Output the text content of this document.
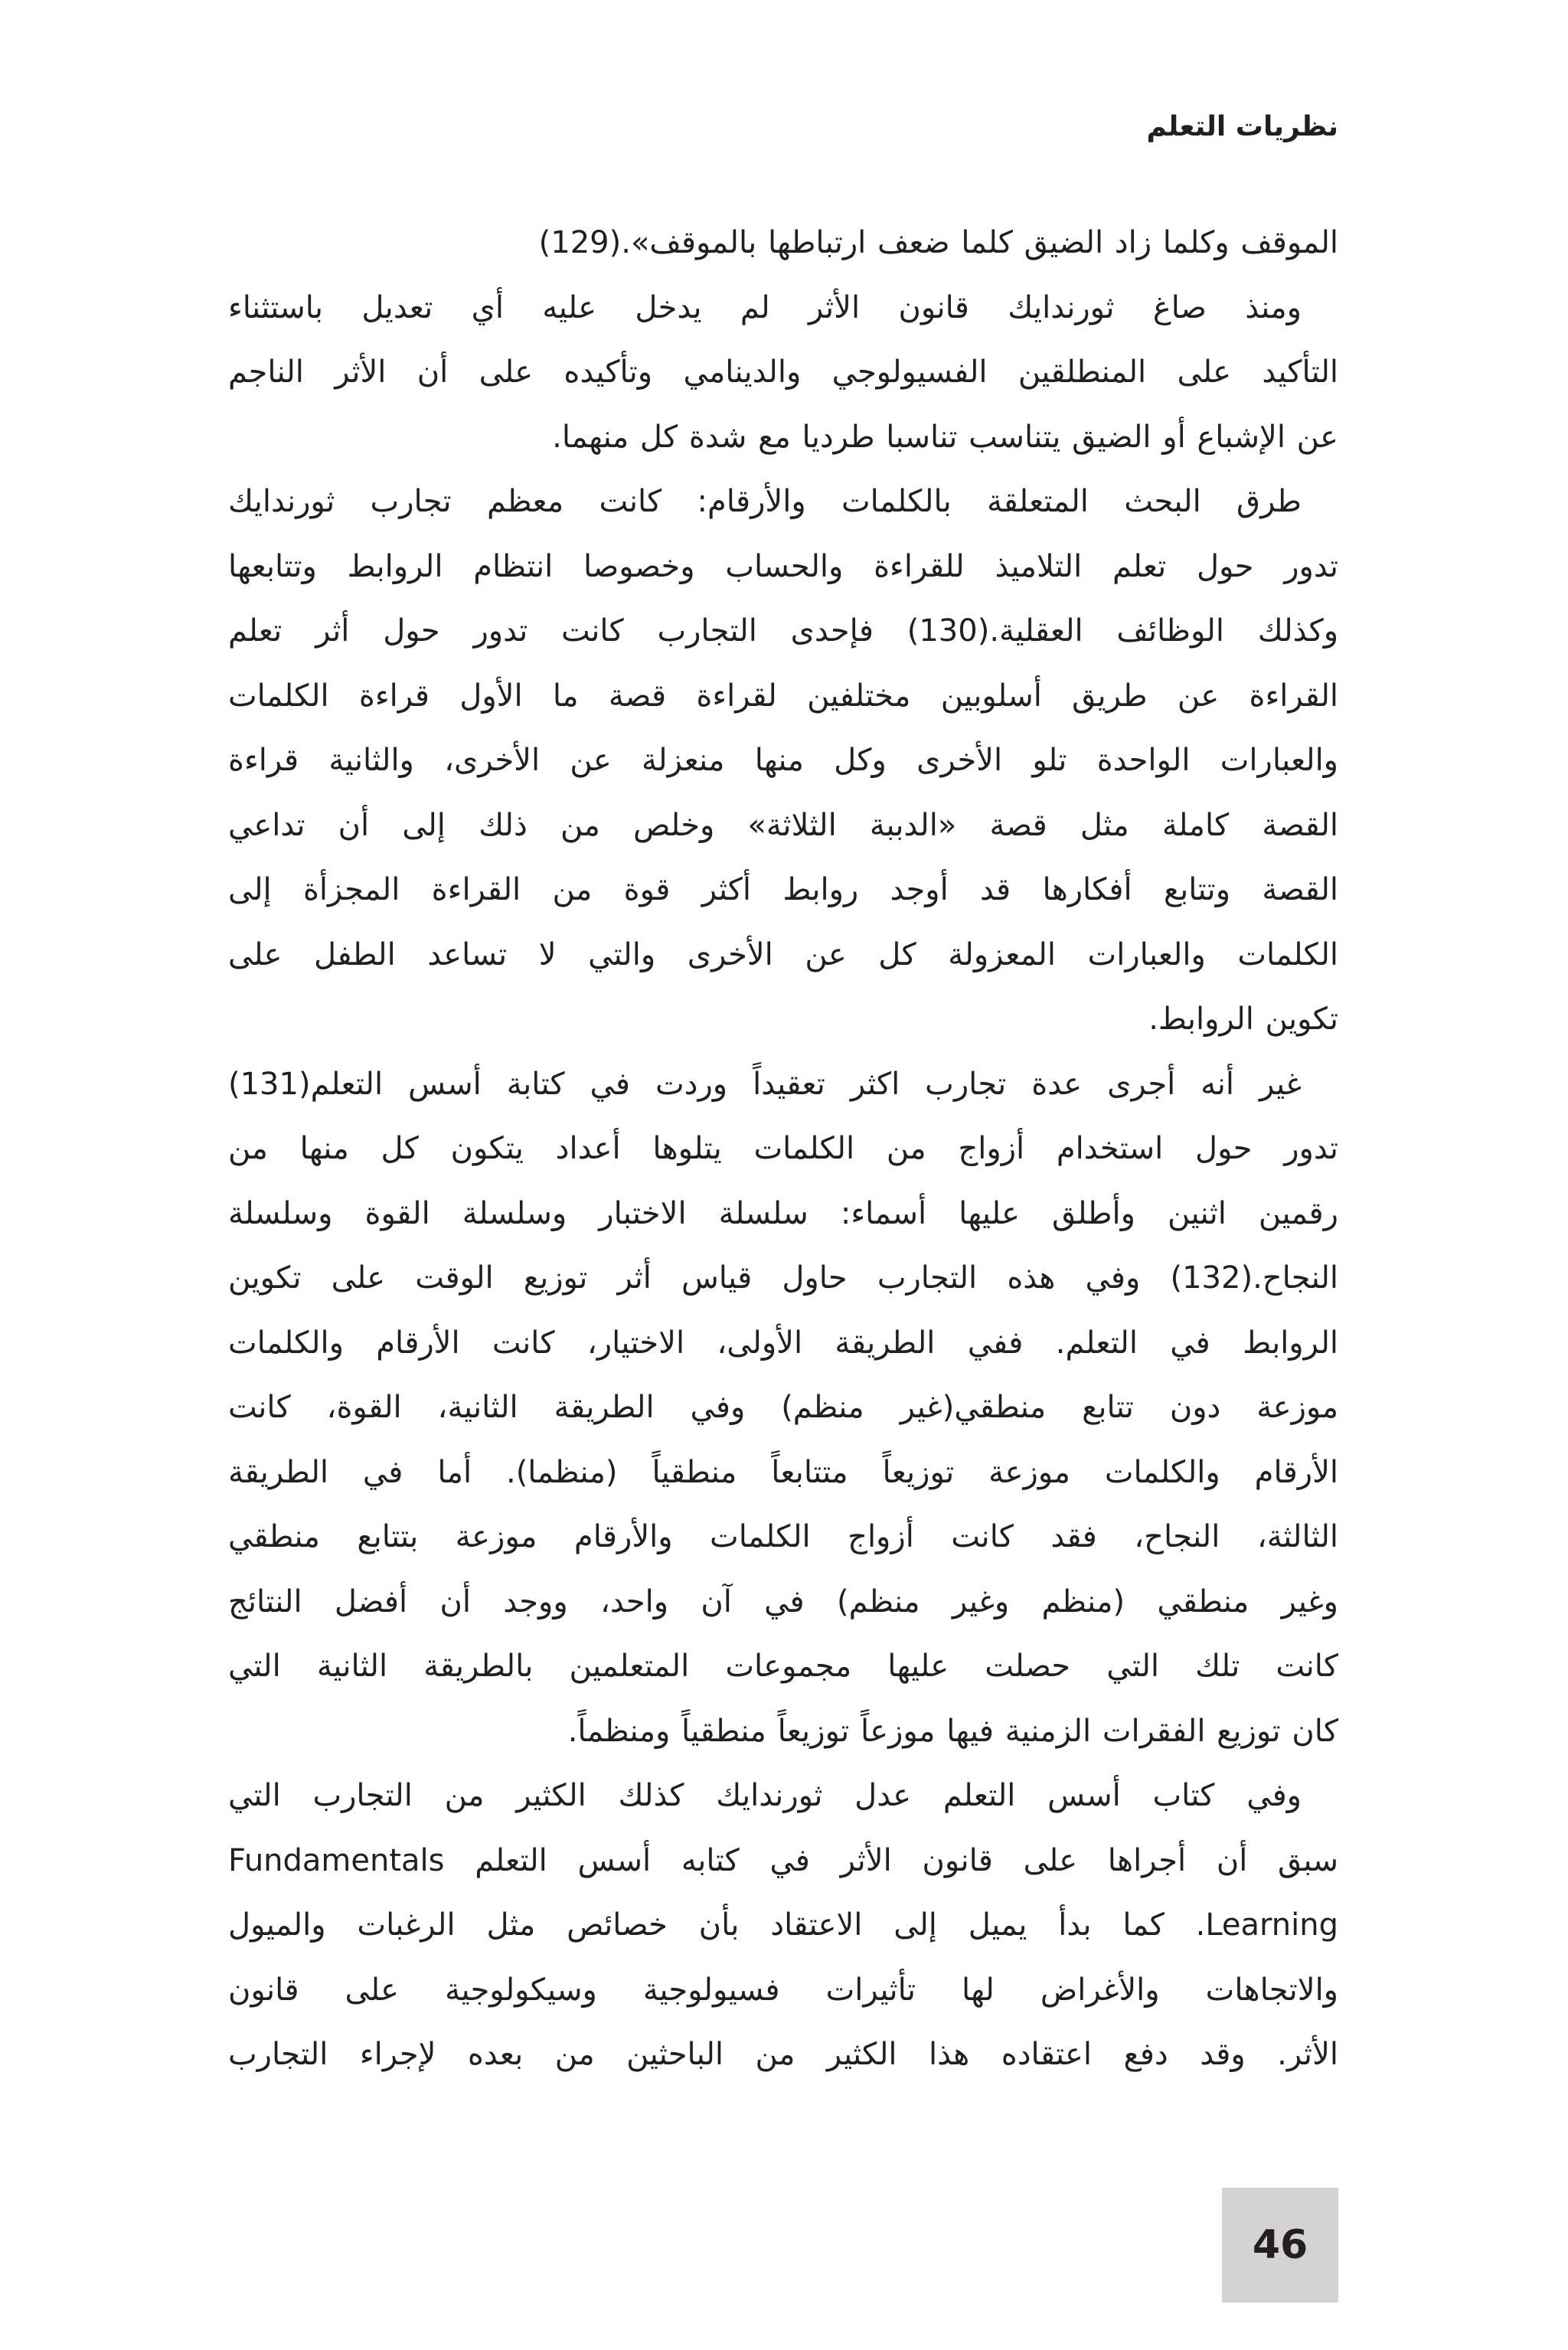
نظريات التعلم
الموقف وكلما زاد الضيق كلما ضعف ارتباطها بالموقف».(129)
ومنذ صاغ ثورندايك قانون الأثر لم يدخل عليه أي تعديل باستثناء
التأكيد على المنطلقين الفسيولوجي والدينامي وتأكيده على أن الأثر الناجم
عن الإشباع أو الضيق يتناسب تناسبا طرديا مع شدة كل منهما.
طرق البحث المتعلقة بالكلمات والأرقام: كانت معظم تجارب ثورندايك
تدور حول تعلم التلاميذ للقراءة والحساب وخصوصا انتظام الروابط وتتابعها
وكذلك الوظائف العقلية.(130) فإحدى التجارب كانت تدور حول أثر تعلم
القراءة عن طريق أسلوبين مختلفين لقراءة قصة ما الأول قراءة الكلمات
والعبارات الواحدة تلو الأخرى وكل منها منعزلة عن الأخرى، والثانية قراءة
القصة كاملة مثل قصة «الدببة الثلاثة» وخلص من ذلك إلى أن تداعي
القصة وتتابع أفكارها قد أوجد روابط أكثر قوة من القراءة المجزأة إلى
الكلمات والعبارات المعزولة كل عن الأخرى والتي لا تساعد الطفل على
تكوين الروابط.
غير أنه أجرى عدة تجارب اكثر تعقيداً وردت في كتابة أسس التعلم(131)
تدور حول استخدام أزواج من الكلمات يتلوها أعداد يتكون كل منها من
رقمين اثنين وأطلق عليها أسماء: سلسلة الاختبار وسلسلة القوة وسلسلة
النجاح.(132) وفي هذه التجارب حاول قياس أثر توزيع الوقت على تكوين
الروابط في التعلم. ففي الطريقة الأولى، الاختيار، كانت الأرقام والكلمات
موزعة دون تتابع منطقي(غير منظم) وفي الطريقة الثانية، القوة، كانت
الأرقام والكلمات موزعة توزيعاً متتابعاً منطقياً (منظما). أما في الطريقة
الثالثة، النجاح، فقد كانت أزواج الكلمات والأرقام موزعة بتتابع منطقي
وغير منطقي (منظم وغير منظم) في آن واحد، ووجد أن أفضل النتائج
كانت تلك التي حصلت عليها مجموعات المتعلمين بالطريقة الثانية التي
كان توزيع الفقرات الزمنية فيها موزعاً توزيعاً منطقياً ومنظماً.
وفي كتاب أسس التعلم عدل ثورندايك كذلك الكثير من التجارب التي
سبق أن أجراها على قانون الأثر في كتابه أسس التعلم Fundamentals
Learning. كما بدأ يميل إلى الاعتقاد بأن خصائص مثل الرغبات والميول
والاتجاهات والأغراض لها تأثيرات فسيولوجية وسيكولوجية على قانون
الأثر. وقد دفع اعتقاده هذا الكثير من الباحثين من بعده لإجراء التجارب
46
